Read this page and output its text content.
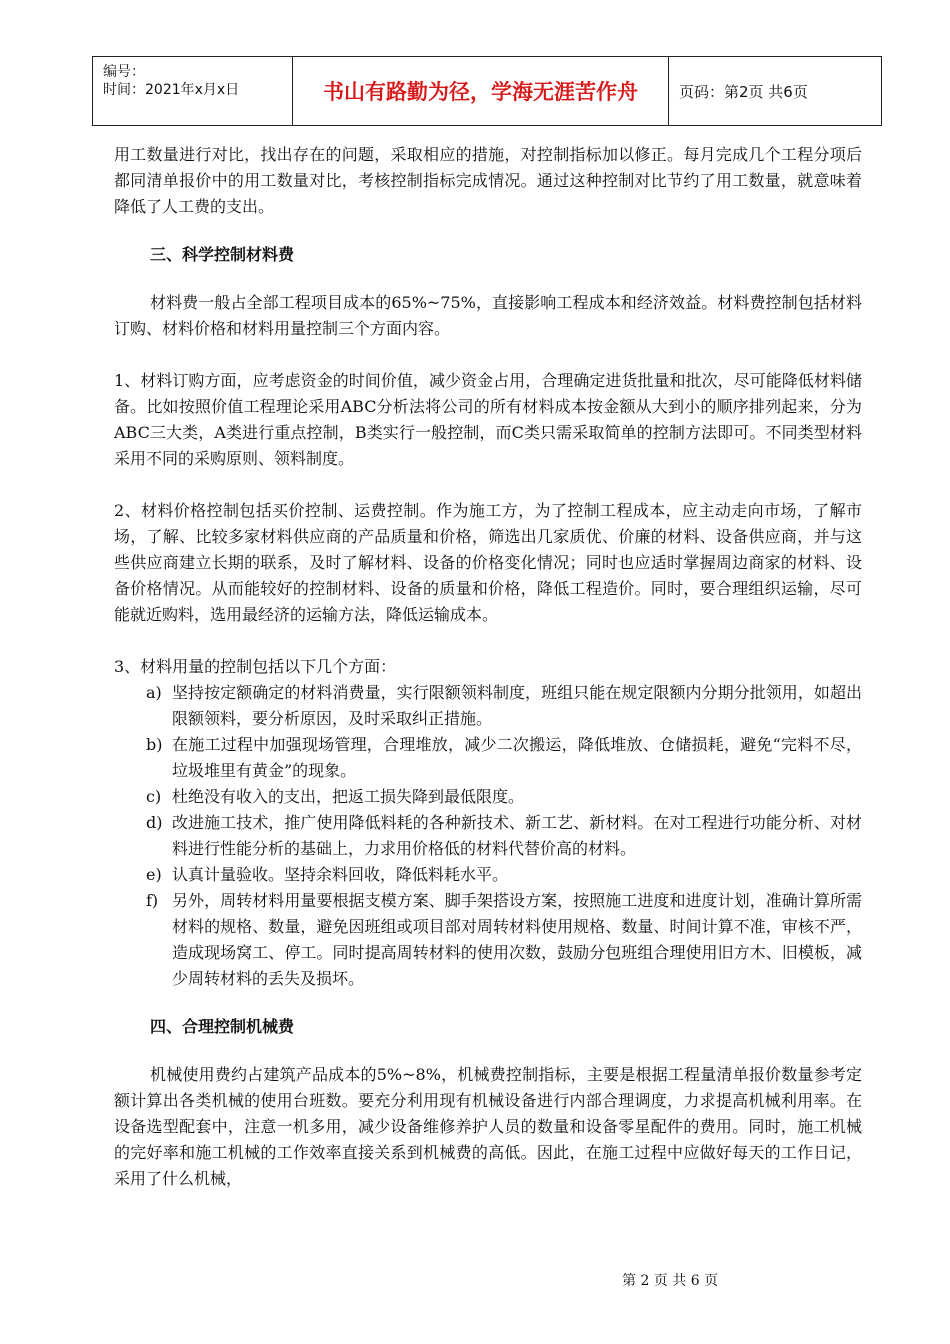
编号：
时间：2021年x月x日	书山有路勤为径，学海无涯苦作舟	页码：第2页 共6页

用工数量进行对比，找出存在的问题，采取相应的措施，对控制指标加以修正。每月完成几个工程分项后都同清单报价中的用工数量对比，考核控制指标完成情况。通过这种控制对比节约了用工数量，就意味着降低了人工费的支出。

三、科学控制材料费

材料费一般占全部工程项目成本的65%~75%，直接影响工程成本和经济效益。材料费控制包括材料订购、材料价格和材料用量控制三个方面内容。

1、材料订购方面，应考虑资金的时间价值，减少资金占用，合理确定进货批量和批次，尽可能降低材料储备。比如按照价值工程理论采用ABC分析法将公司的所有材料成本按金额从大到小的顺序排列起来，分为ABC三大类，A类进行重点控制，B类实行一般控制，而C类只需采取简单的控制方法即可。不同类型材料采用不同的采购原则、领料制度。

2、材料价格控制包括买价控制、运费控制。作为施工方，为了控制工程成本，应主动走向市场，了解市场，了解、比较多家材料供应商的产品质量和价格，筛选出几家质优、价廉的材料、设备供应商，并与这些供应商建立长期的联系，及时了解材料、设备的价格变化情况；同时也应适时掌握周边商家的材料、设备价格情况。从而能较好的控制材料、设备的质量和价格，降低工程造价。同时，要合理组织运输，尽可能就近购料，选用最经济的运输方法，降低运输成本。

3、材料用量的控制包括以下几个方面：

a) 坚持按定额确定的材料消费量，实行限额领料制度，班组只能在规定限额内分期分批领用，如超出限额领料，要分析原因，及时采取纠正措施。
b) 在施工过程中加强现场管理，合理堆放，减少二次搬运，降低堆放、仓储损耗，避免“完料不尽，垃圾堆里有黄金”的现象。
c) 杜绝没有收入的支出，把返工损失降到最低限度。
d) 改进施工技术，推广使用降低料耗的各种新技术、新工艺、新材料。在对工程进行功能分析、对材料进行性能分析的基础上，力求用价格低的材料代替价高的材料。
e) 认真计量验收。坚持余料回收，降低料耗水平。
f) 另外，周转材料用量要根据支模方案、脚手架搭设方案，按照施工进度和进度计划，准确计算所需材料的规格、数量，避免因班组或项目部对周转材料使用规格、数量、时间计算不准，审核不严，造成现场窝工、停工。同时提高周转材料的使用次数，鼓励分包班组合理使用旧方木、旧模板，减少周转材料的丢失及损坏。
四、合理控制机械费

机械使用费约占建筑产品成本的5%~8%，机械费控制指标，主要是根据工程量清单报价数量参考定额计算出各类机械的使用台班数。要充分利用现有机械设备进行内部合理调度，力求提高机械利用率。在设备选型配套中，注意一机多用，减少设备维修养护人员的数量和设备零星配件的费用。同时，施工机械的完好率和施工机械的工作效率直接关系到机械费的高低。因此，在施工过程中应做好每天的工作日记，采用了什么机械，

第 2 页 共 6 页
